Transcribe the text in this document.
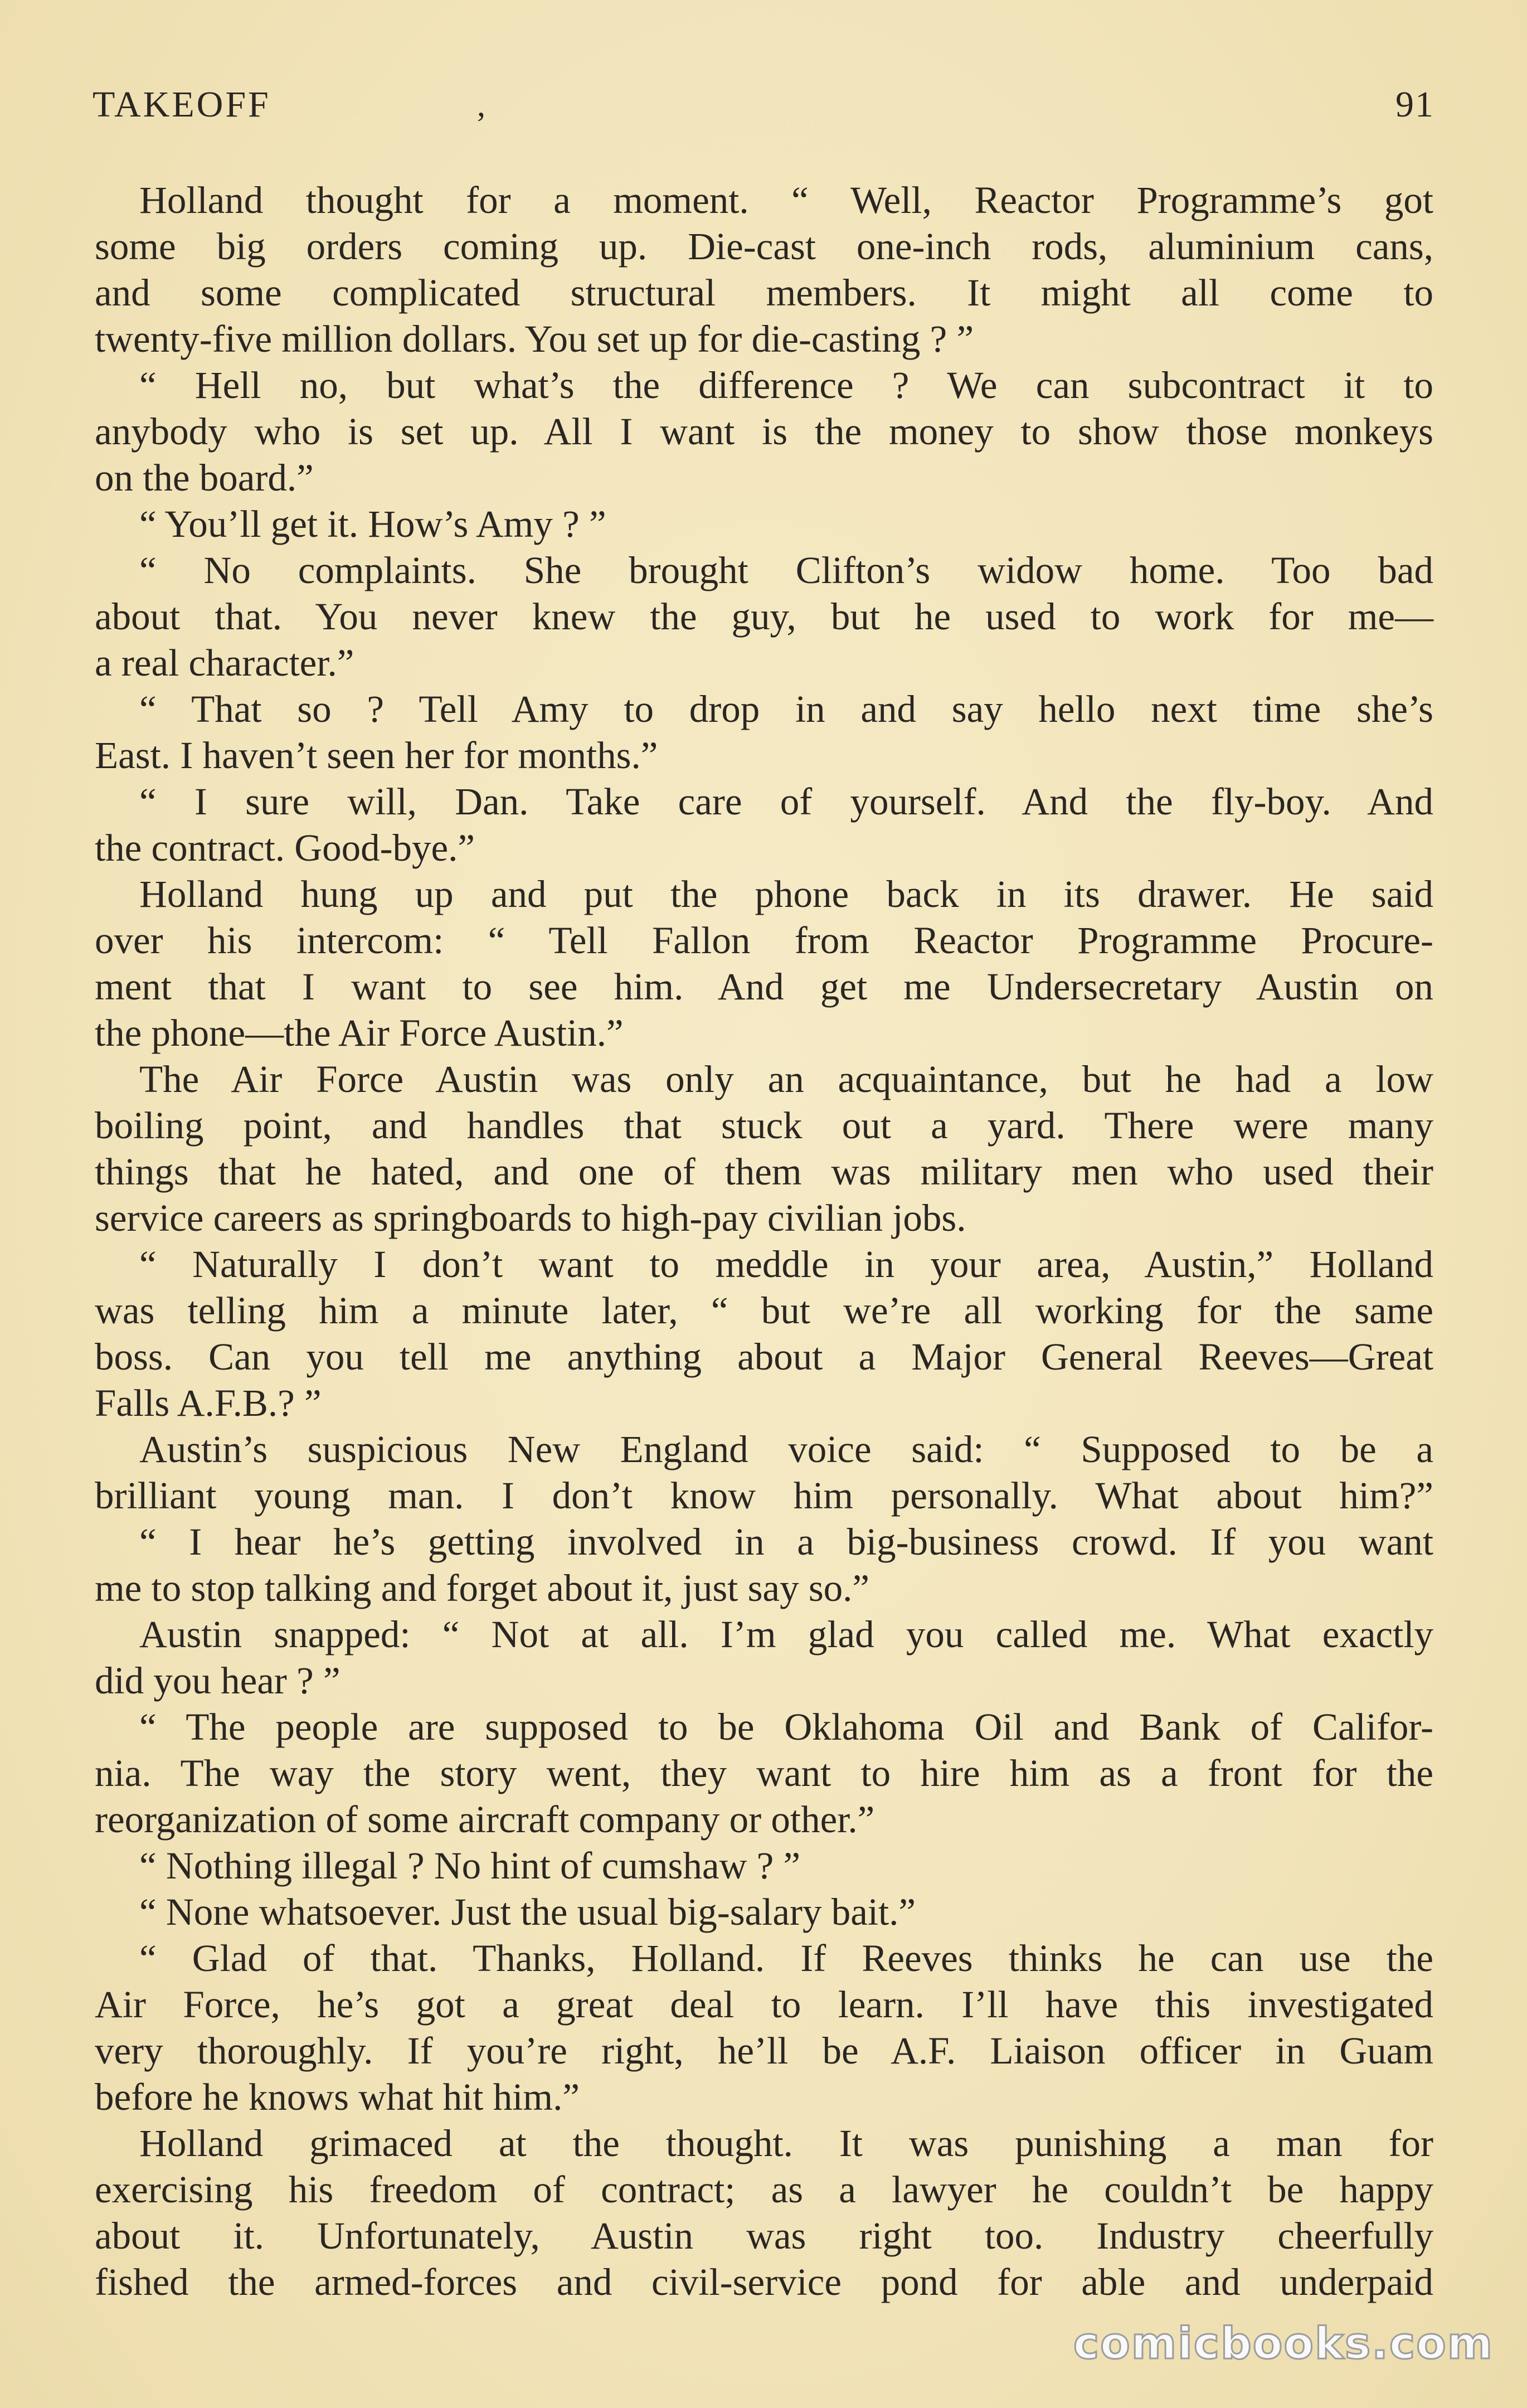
TAKEOFF	,	91
Holland thought for a moment. “ Well, Reactor Programme’s got
some big orders coming up. Die-cast one-inch rods, aluminium cans,
and some complicated structural members. It might all come to
twenty-five million dollars. You set up for die-casting ? ”
“ Hell no, but what’s the difference ? We can subcontract it to
anybody who is set up. All I want is the money to show those monkeys
on the board.”
“ You’ll get it. How’s Amy ? ”
“ No complaints. She brought Clifton’s widow home. Too bad
about that. You never knew the guy, but he used to work for me—
a real character.”
“ That so ? Tell Amy to drop in and say hello next time she’s
East. I haven’t seen her for months.”
“ I sure will, Dan. Take care of yourself. And the fly-boy. And
the contract. Good-bye.”
Holland hung up and put the phone back in its drawer. He said
over his intercom: “ Tell Fallon from Reactor Programme Procure-
ment that I want to see him. And get me Undersecretary Austin on
the phone—the Air Force Austin.”
The Air Force Austin was only an acquaintance, but he had a low
boiling point, and handles that stuck out a yard. There were many
things that he hated, and one of them was military men who used their
service careers as springboards to high-pay civilian jobs.
“ Naturally I don’t want to meddle in your area, Austin,” Holland
was telling him a minute later, “ but we’re all working for the same
boss. Can you tell me anything about a Major General Reeves—Great
Falls A.F.B.? ”
Austin’s suspicious New England voice said: “ Supposed to be a
brilliant young man. I don’t know him personally. What about him?”
“ I hear he’s getting involved in a big-business crowd. If you want
me to stop talking and forget about it, just say so.”
Austin snapped: “ Not at all. I’m glad you called me. What exactly
did you hear ? ”
“ The people are supposed to be Oklahoma Oil and Bank of Califor-
nia. The way the story went, they want to hire him as a front for the
reorganization of some aircraft company or other.”
“ Nothing illegal ? No hint of cumshaw ? ”
“ None whatsoever. Just the usual big-salary bait.”
“ Glad of that. Thanks, Holland. If Reeves thinks he can use the
Air Force, he’s got a great deal to learn. I’ll have this investigated
very thoroughly. If you’re right, he’ll be A.F. Liaison officer in Guam
before he knows what hit him.”
Holland grimaced at the thought. It was punishing a man for
exercising his freedom of contract; as a lawyer he couldn’t be happy
about it. Unfortunately, Austin was right too. Industry cheerfully
fished the armed-forces and civil-service pond for able and underpaid
comicbooks.com
